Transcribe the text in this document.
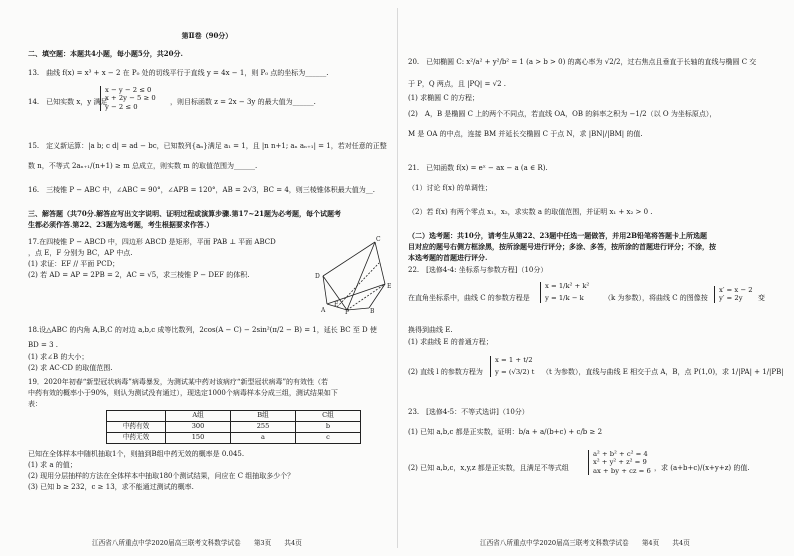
第Ⅱ卷（90分）

二、填空题：本题共4小题，每小题5分，共20分.

13.　曲线 f(x) = x³ + x − 2 在 P₀ 处的切线平行于直线 y = 4x − 1，则 P₀ 点的坐标为______.

14.　已知实数 x，y 满足

x − y − 2 ≤ 0
x + 2y − 5 ≥ 0
y − 2 ≤ 0

，则目标函数 z = 2x − 3y 的最大值为______.

15.　定义新运算：|a b; c d| = ad − bc，已知数列{aₙ}满足 a₁ = 1，且 |n n+1; aₙ aₙ₊₁| = 1，若对任意的正整

数 n，不等式 2aₙ₊₁/(n+1) ≥ m 总成立，则实数 m 的取值范围为______.

16.　三棱锥 P − ABC 中，∠ABC = 90°，∠APB = 120°，AB = 2√3，BC = 4，则三棱锥体积最大值为__.

三、解答题（共70分.解答应写出文字说明、证明过程或演算步骤.第17~21题为必考题，每个试题考

生都必须作答.第22、23题为选考题，考生根据要求作答.）

17.在四棱锥 P − ABCD 中，四边形 ABCD 是矩形，平面 PAB ⊥ 平面 ABCD

，点 E，F 分别为 BC，AP 中点.

(1) 求证：EF // 平面 PCD；

(2) 若 AD = AP = 2PB = 2，AC = √5，求三棱锥 P − DEF 的体积.	D
C
E
A	P
F
B

18.设△ABC 的内角 A,B,C 的对边 a,b,c 成等比数列，2cos(A − C) − 2sin²(π/2 − B) = 1，延长 BC 至 D 使

BD = 3 .

(1) 求∠B 的大小；

(2) 求 AC·CD 的取值范围.

19．2020年初春“新型冠状病毒”病毒暴发，为测试某中药对该病疗“新型冠状病毒”的有效性（若

中药有效的概率小于90%，则认为测试没有通过），现选定1000个病毒样本分成三组，测试结果如下

表：

	A组	B组	C组
中药有效	300	255	b
中药无效	150	a	c

已知在全体样本中随机抽取1个，则抽到B组中药无效的概率是 0.045.

(1) 求 a 的值；

(2) 现用分层抽样的方法在全体样本中抽取180个测试结果，问应在 C 组抽取多少个？

(3) 已知 b ≥ 232，c ≥ 13，求不能通过测试的概率.

江西省八所重点中学2020届高三联考文科数学试卷　　第3页　　共4页

20.　已知椭圆 C: x²/a² + y²/b² = 1 (a > b > 0) 的离心率为 √2/2，过右焦点且垂直于长轴的直线与椭圆 C 交

于 P，Q 两点，且 |PQ| = √2 .

(1) 求椭圆 C 的方程；

(2)　A，B 是椭圆 C 上的两个不同点，若直线 OA，OB 的斜率之积为 −1/2（以 O 为坐标原点），

M 是 OA 的中点，连接 BM 并延长交椭圆 C 于点 N，求 |BN|/|BM| 的值.

21.　已知函数 f(x) = eˣ − ax − a (a ∈ R).

（1）讨论 f(x) 的单调性；

（2）若 f(x) 有两个零点 x₁，x₂，求实数 a 的取值范围，并证明 x₁ + x₂ > 0 .

（二）选考题：共10分，请考生从第22、23题中任选一题做答，并用2B铅笔将答题卡上所选题

目对应的题号右侧方框涂黑，按所涂题号进行评分；多涂、多答，按所涂的首题进行评分；不涂，按

本选考题的首题进行评分.

22.　[选修4-4: 坐标系与参数方程]（10分）

在直角坐标系中，曲线 C 的参数方程是

x = 1/k² + k²
y = 1/k − k	（k 为参数），将曲线 C 的图像按

x′ = x − 2
y′ = 2y	变

换得到曲线 E.

(1) 求曲线 E 的普通方程；

(2) 直线 l 的参数方程为

x = 1 + t/2
y = (√3/2) t （t 为参数），直线与曲线 E 相交于点 A，B，点 P(1,0)，求 1/|PA| + 1/|PB|

23.　[选修4-5：不等式选讲]（10分）

(1) 已知 a,b,c 都是正实数，证明：b/a + a/(b+c) + c/b ≥ 2

(2) 已知 a,b,c，x,y,z 都是正实数，且满足不等式组

a² + b² + c² = 4
x² + y² + z² = 9
ax + by + cz = 6 ，求 (a+b+c)/(x+y+z) 的值.

江西省八所重点中学2020届高三联考文科数学试卷　　第4页　　共4页
